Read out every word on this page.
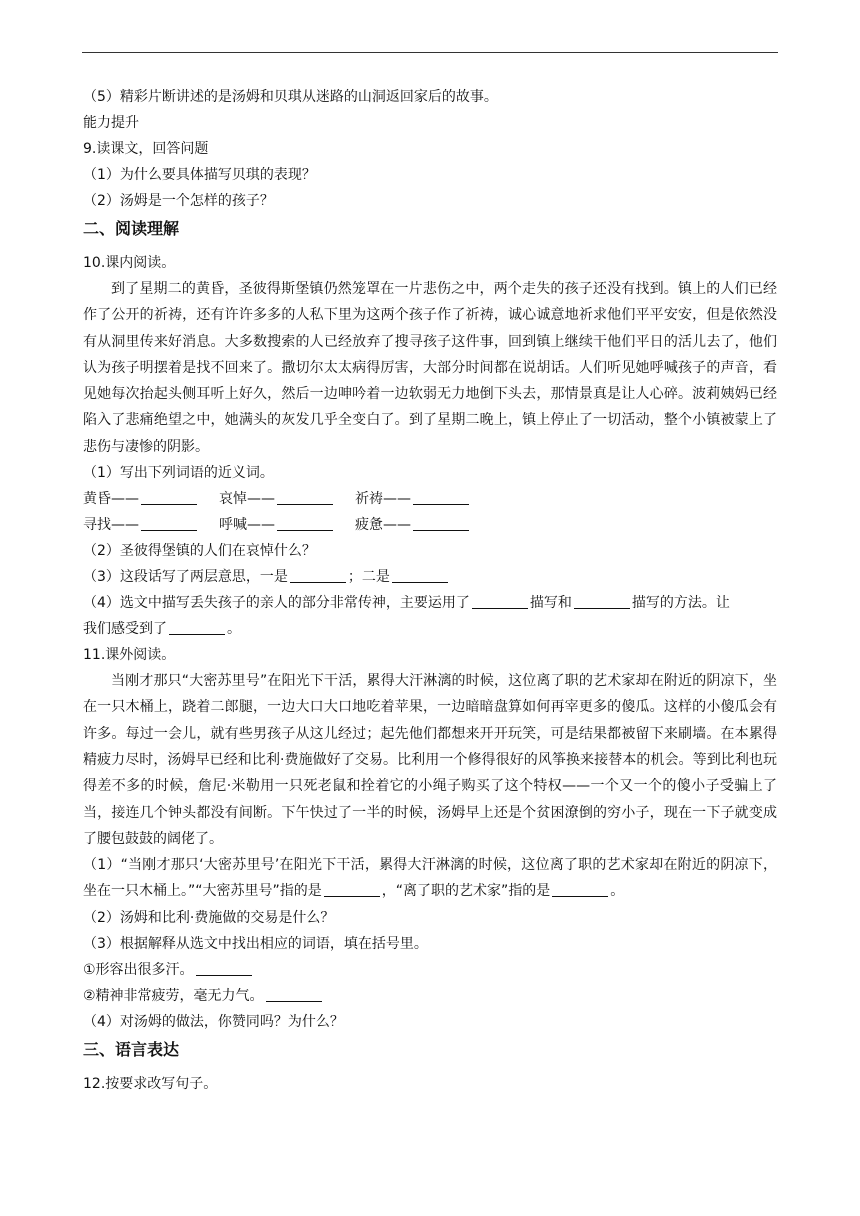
（5）精彩片断讲述的是汤姆和贝琪从迷路的山洞返回家后的故事。
能力提升
9.读课文，回答问题
（1）为什么要具体描写贝琪的表现？
（2）汤姆是一个怎样的孩子？
二、阅读理解
10.课内阅读。

到了星期二的黄昏，圣彼得斯堡镇仍然笼罩在一片悲伤之中，两个走失的孩子还没有找到。镇上的人们已经作了公开的祈祷，还有许许多多的人私下里为这两个孩子作了祈祷，诚心诚意地祈求他们平平安安，但是依然没有从洞里传来好消息。大多数搜索的人已经放弃了搜寻孩子这件事，回到镇上继续干他们平日的活儿去了，他们认为孩子明摆着是找不回来了。撒切尔太太病得厉害，大部分时间都在说胡话。人们听见她呼喊孩子的声音，看见她每次抬起头侧耳听上好久，然后一边呻吟着一边软弱无力地倒下头去，那情景真是让人心碎。波莉姨妈已经陷入了悲痛绝望之中，她满头的灰发几乎全变白了。到了星期二晚上，镇上停止了一切活动，整个小镇被蒙上了悲伤与凄惨的阴影。

（1）写出下列词语的近义词。
黄昏——	哀悼——	祈祷——
寻找——	呼喊——	疲惫——
（2）圣彼得堡镇的人们在哀悼什么？
（3）这段话写了两层意思，一是	；二是
（4）选文中描写丢失孩子的亲人的部分非常传神，主要运用了	描写和	描写的方法。让
我们感受到了	。
11.课外阅读。

当刚才那只“大密苏里号”在阳光下干活，累得大汗淋漓的时候，这位离了职的艺术家却在附近的阴凉下，坐在一只木桶上，跷着二郎腿，一边大口大口地吃着苹果，一边暗暗盘算如何再宰更多的傻瓜。这样的小傻瓜会有许多。每过一会儿，就有些男孩子从这儿经过；起先他们都想来开开玩笑，可是结果都被留下来刷墙。在本累得精疲力尽时，汤姆早已经和比利·费施做好了交易。比利用一个修得很好的风筝换来接替本的机会。等到比利也玩得差不多的时候，詹尼·米勒用一只死老鼠和拴着它的小绳子购买了这个特权——一个又一个的傻小子受骗上了当，接连几个钟头都没有间断。下午快过了一半的时候，汤姆早上还是个贫困潦倒的穷小子，现在一下子就变成了腰包鼓鼓的阔佬了。

（1）“当刚才那只‘大密苏里号’在阳光下干活，累得大汗淋漓的时候，这位离了职的艺术家却在附近的阴凉下，坐在一只木桶上。”“大密苏里号”指的是	，“离了职的艺术家”指的是	。

（2）汤姆和比利·费施做的交易是什么？
（3）根据解释从选文中找出相应的词语，填在括号里。
①形容出很多汗。
②精神非常疲劳，毫无力气。
（4）对汤姆的做法，你赞同吗？为什么？
三、语言表达
12.按要求改写句子。
